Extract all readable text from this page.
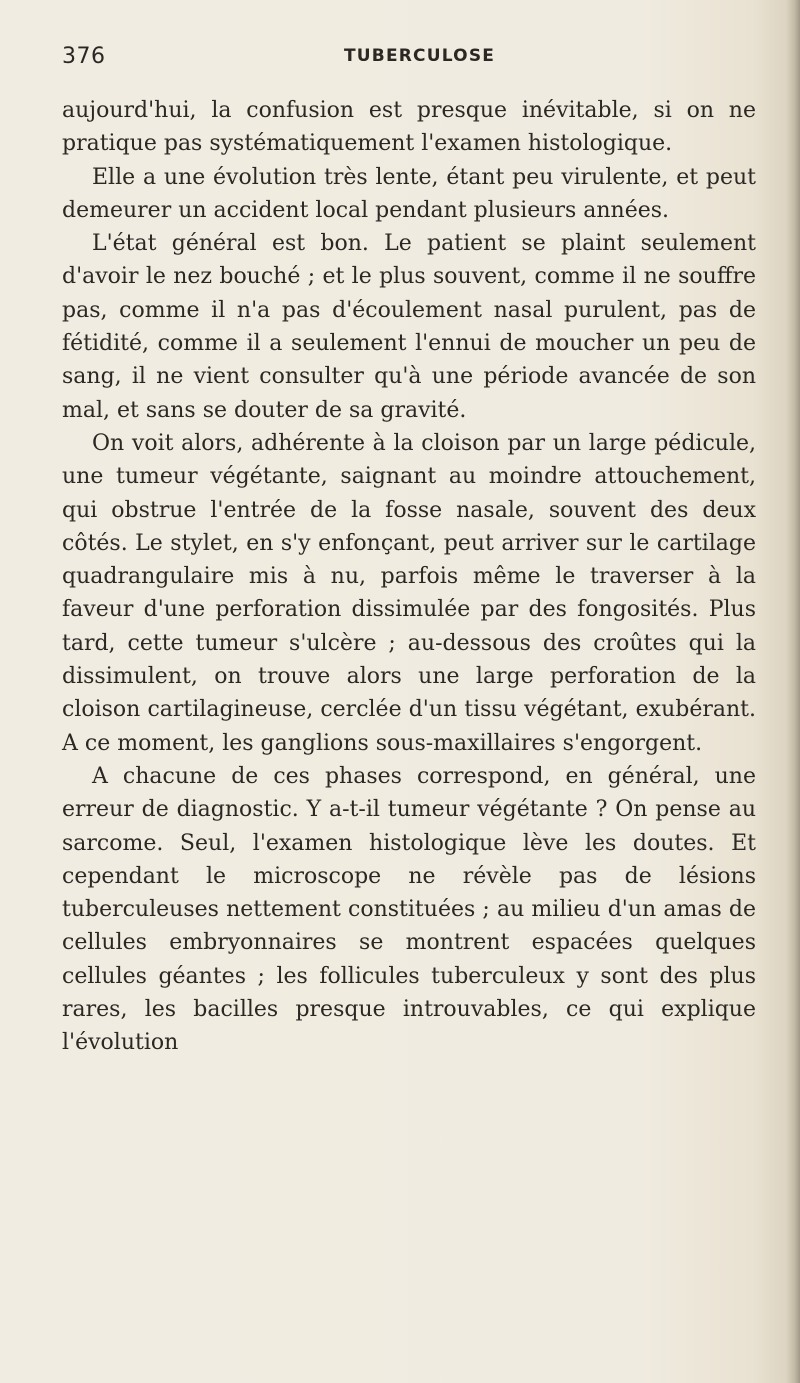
376	TUBERCULOSE

aujourd'hui, la confusion est presque inévitable, si on ne pratique pas systématiquement l'examen histologique.

Elle a une évolution très lente, étant peu virulente, et peut demeurer un accident local pendant plusieurs années.

L'état général est bon. Le patient se plaint seulement d'avoir le nez bouché ; et le plus souvent, comme il ne souffre pas, comme il n'a pas d'écoulement nasal purulent, pas de fétidité, comme il a seulement l'ennui de moucher un peu de sang, il ne vient consulter qu'à une période avancée de son mal, et sans se douter de sa gravité.

On voit alors, adhérente à la cloison par un large pédicule, une tumeur végétante, saignant au moindre attouchement, qui obstrue l'entrée de la fosse nasale, souvent des deux côtés. Le stylet, en s'y enfonçant, peut arriver sur le cartilage quadrangulaire mis à nu, parfois même le traverser à la faveur d'une perforation dissimulée par des fongosités. Plus tard, cette tumeur s'ulcère ; au-dessous des croûtes qui la dissimulent, on trouve alors une large perforation de la cloison cartilagineuse, cerclée d'un tissu végétant, exubérant. A ce moment, les ganglions sous-maxillaires s'engorgent.

A chacune de ces phases correspond, en général, une erreur de diagnostic. Y a-t-il tumeur végétante ? On pense au sarcome. Seul, l'examen histologique lève les doutes. Et cependant le microscope ne révèle pas de lésions tuberculeuses nettement constituées ; au milieu d'un amas de cellules embryonnaires se montrent espacées quelques cellules géantes ; les follicules tuberculeux y sont des plus rares, les bacilles presque introuvables, ce qui explique l'évolution
